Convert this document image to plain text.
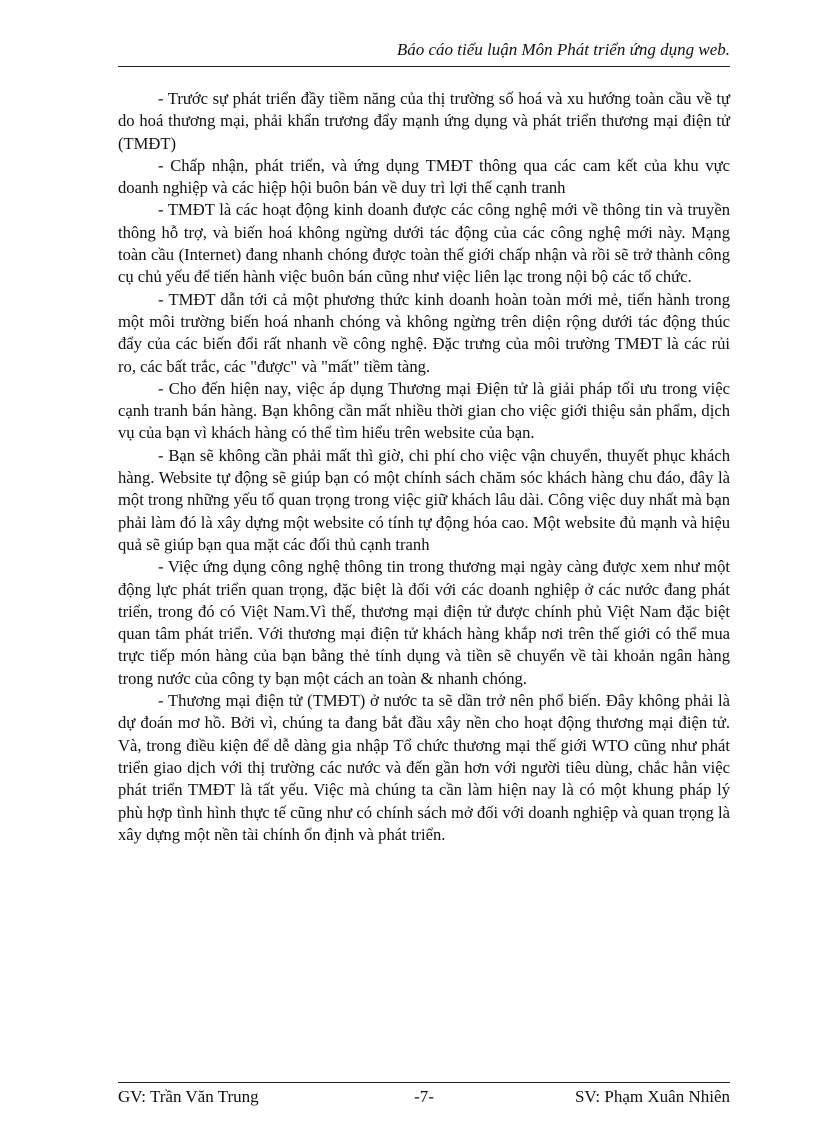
Báo cáo tiểu luận Môn Phát triển ứng dụng web.

- Trước sự phát triển đầy tiềm năng của thị trường số hoá và xu hướng toàn cầu về tự do hoá thương mại, phải khẩn trương đẩy mạnh ứng dụng và phát triển thương mại điện tử (TMĐT)

- Chấp nhận, phát triển, và ứng dụng TMĐT thông qua các cam kết của khu vực doanh nghiệp và các hiệp hội buôn bán về duy trì lợi thế cạnh tranh

- TMĐT là các hoạt động kinh doanh được các công nghệ mới về thông tin và truyền thông hỗ trợ, và biến hoá không ngừng dưới tác động của các công nghệ mới này. Mạng toàn cầu (Internet) đang nhanh chóng được toàn thế giới chấp nhận và rồi sẽ trở thành công cụ chủ yếu để tiến hành việc buôn bán cũng như việc liên lạc trong nội bộ các tổ chức.

- TMĐT dẫn tới cả một phương thức kinh doanh hoàn toàn mới mẻ, tiến hành trong một môi trường biến hoá nhanh chóng và không ngừng trên diện rộng dưới tác động thúc đẩy của các biến đổi rất nhanh về công nghệ. Đặc trưng của môi trường TMĐT là các rủi ro, các bất trắc, các "được" và "mất" tiềm tàng.

- Cho đến hiện nay, việc áp dụng Thương mại Điện tử là giải pháp tối ưu trong việc cạnh tranh bán hàng. Bạn không cần mất nhiều thời gian cho việc giới thiệu sản phẩm, dịch vụ của bạn vì khách hàng có thể tìm hiểu trên website của bạn.

- Bạn sẽ không cần phải mất thì giờ, chi phí cho việc vận chuyển, thuyết phục khách hàng. Website tự động sẽ giúp bạn có một chính sách chăm sóc khách hàng chu đáo, đây là một trong những yếu tố quan trọng trong việc giữ khách lâu dài. Công việc duy nhất mà bạn phải làm đó là xây dựng một website có tính tự động hóa cao. Một website đủ mạnh và hiệu quả sẽ giúp bạn qua mặt các đối thủ cạnh tranh

- Việc ứng dụng công nghệ thông tin trong thương mại ngày càng được xem như một động lực phát triển quan trọng, đặc biệt là đối với các doanh nghiệp ở các nước đang phát triển, trong đó có Việt Nam.Vì thế, thương mại điện tử được chính phủ Việt Nam đặc biệt quan tâm phát triển. Với thương mại điện tử khách hàng khắp nơi trên thế giới có thể mua trực tiếp món hàng của bạn bằng thẻ tính dụng và tiền sẽ chuyển về tài khoản ngân hàng trong nước của công ty bạn một cách an toàn & nhanh chóng.

- Thương mại điện tử (TMĐT) ở nước ta sẽ dần trở nên phổ biến. Đây không phải là dự đoán mơ hồ. Bởi vì, chúng ta đang bắt đầu xây nền cho hoạt động thương mại điện tử. Và, trong điều kiện để dễ dàng gia nhập Tổ chức thương mại thế giới WTO cũng như phát triển giao dịch với thị trường các nước và đến gần hơn với người tiêu dùng, chắc hẳn việc phát triển TMĐT là tất yếu. Việc mà chúng ta cần làm hiện nay là có một khung pháp lý phù hợp tình hình thực tế cũng như có chính sách mở đối với doanh nghiệp và quan trọng là xây dựng một nền tài chính ổn định và phát triển.

GV: Trần Văn Trung	-7-	SV: Phạm Xuân Nhiên
